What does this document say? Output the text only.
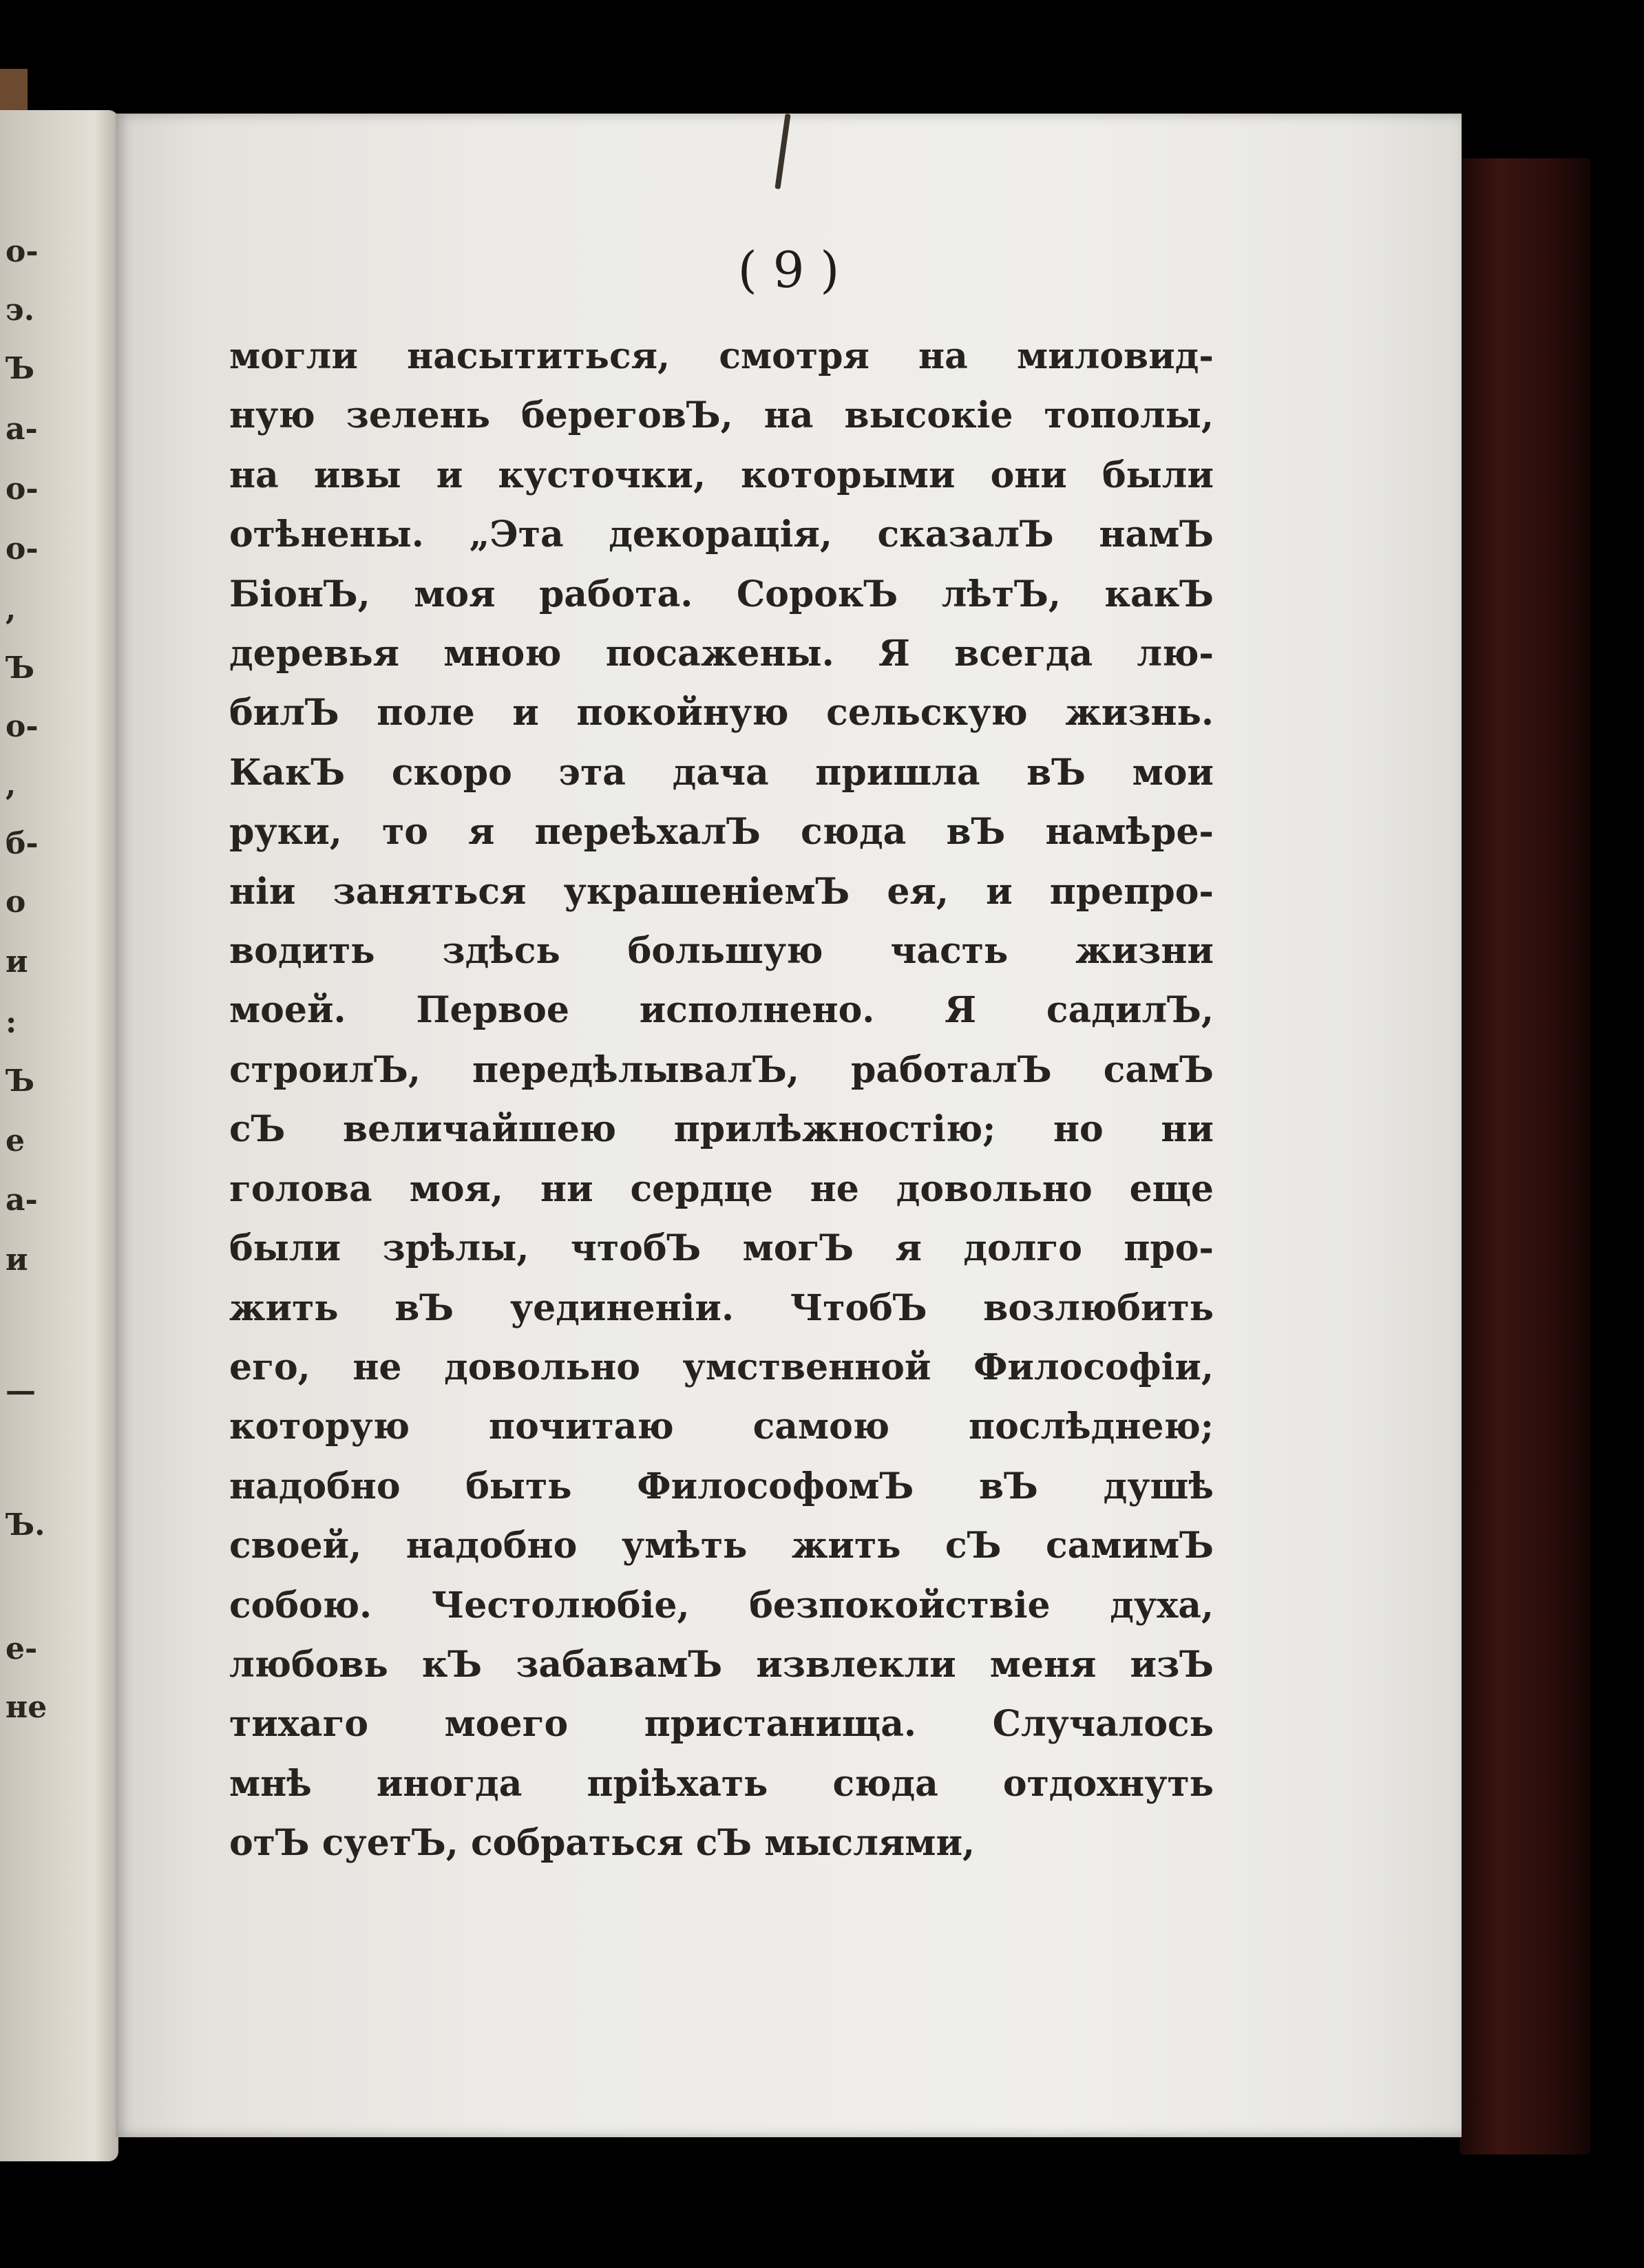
о-
э.
Ъ
а-
о-
о-
,
Ъ
о-
,
б-
о
и
:
Ъ
е
а-
и
—
Ъ.
е-
не
( 9 )
могли насытиться, смотря на миловид-
ную зелень береговЪ, на высокіе тополы,
на ивы и кусточки, которыми они были
отѣнены. „Эта декорація, сказалЪ намЪ
БіонЪ, моя работа. СорокЪ лѣтЪ, какЪ
деревья мною посажены. Я всегда лю-
билЪ поле и покойную сельскую жизнь.
КакЪ скоро эта дача пришла вЪ мои
руки, то я переѣхалЪ сюда вЪ намѣре-
ніи заняться украшеніемЪ ея, и препро-
водить здѣсь большую часть жизни
моей. Первое исполнено. Я садилЪ,
строилЪ, передѣлывалЪ, работалЪ самЪ
сЪ величайшею прилѣжностію; но ни
голова моя, ни сердце не довольно еще
были зрѣлы, чтобЪ могЪ я долго про-
жить вЪ уединеніи. ЧтобЪ возлюбить
его, не довольно умственной Философіи,
которую почитаю самою послѣднею;
надобно быть ФилософомЪ вЪ душѣ
своей, надобно умѣть жить сЪ самимЪ
собою. Честолюбіе, безпокойствіе духа,
любовь кЪ забавамЪ извлекли меня изЪ
тихаго моего пристанища. Случалось
мнѣ иногда пріѣхать сюда отдохнуть
отЪ суетЪ, собраться сЪ мыслями,
